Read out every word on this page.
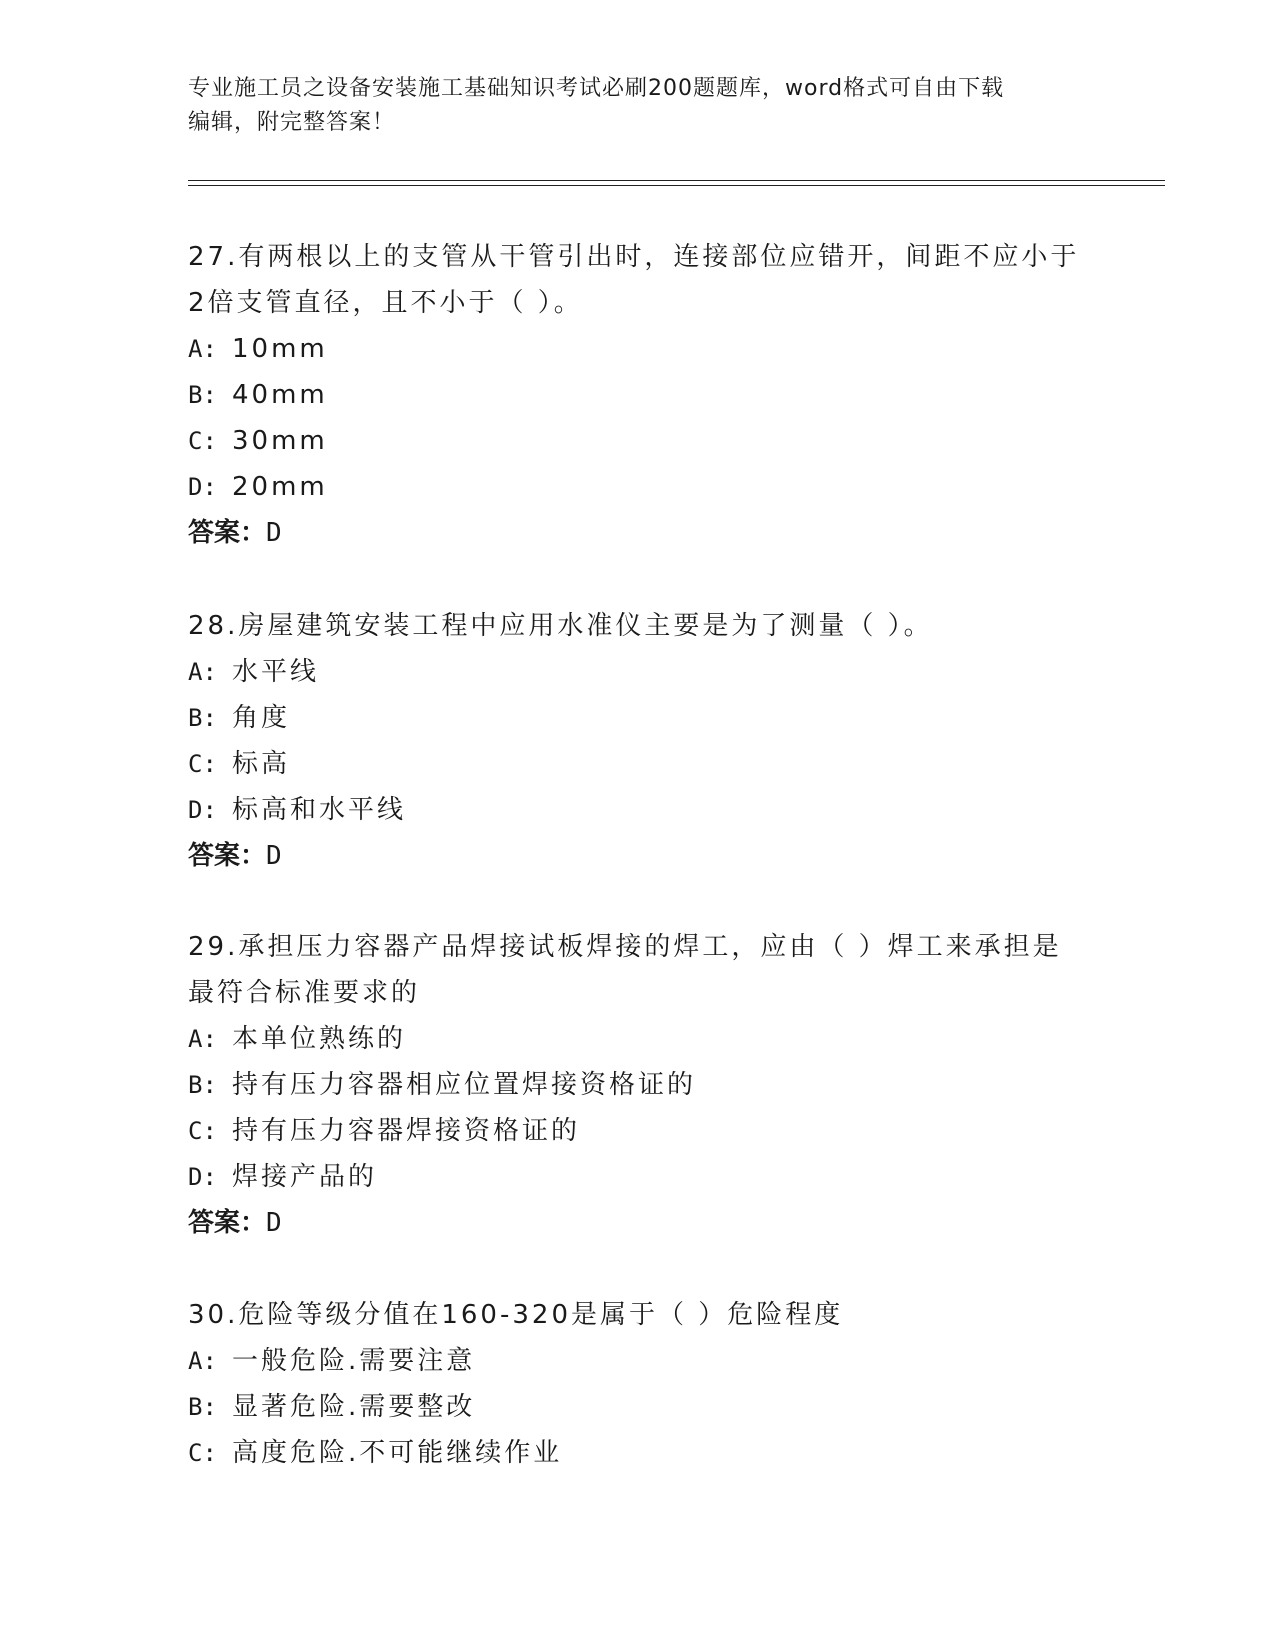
专业施工员之设备安装施工基础知识考试必刷200题题库，word格式可自由下载
编辑，附完整答案！

27.有两根以上的支管从干管引出时，连接部位应错开，间距不应小于

2倍支管直径，且不小于（ ）。

A: 10mm

B: 40mm

C: 30mm

D: 20mm

答案：D

28.房屋建筑安装工程中应用水准仪主要是为了测量（ ）。

A: 水平线

B: 角度

C: 标高

D: 标高和水平线

答案：D

29.承担压力容器产品焊接试板焊接的焊工，应由（ ）焊工来承担是

最符合标准要求的

A: 本单位熟练的

B: 持有压力容器相应位置焊接资格证的

C: 持有压力容器焊接资格证的

D: 焊接产品的

答案：D

30.危险等级分值在160-320是属于（ ）危险程度

A: 一般危险.需要注意

B: 显著危险.需要整改

C: 高度危险.不可能继续作业
